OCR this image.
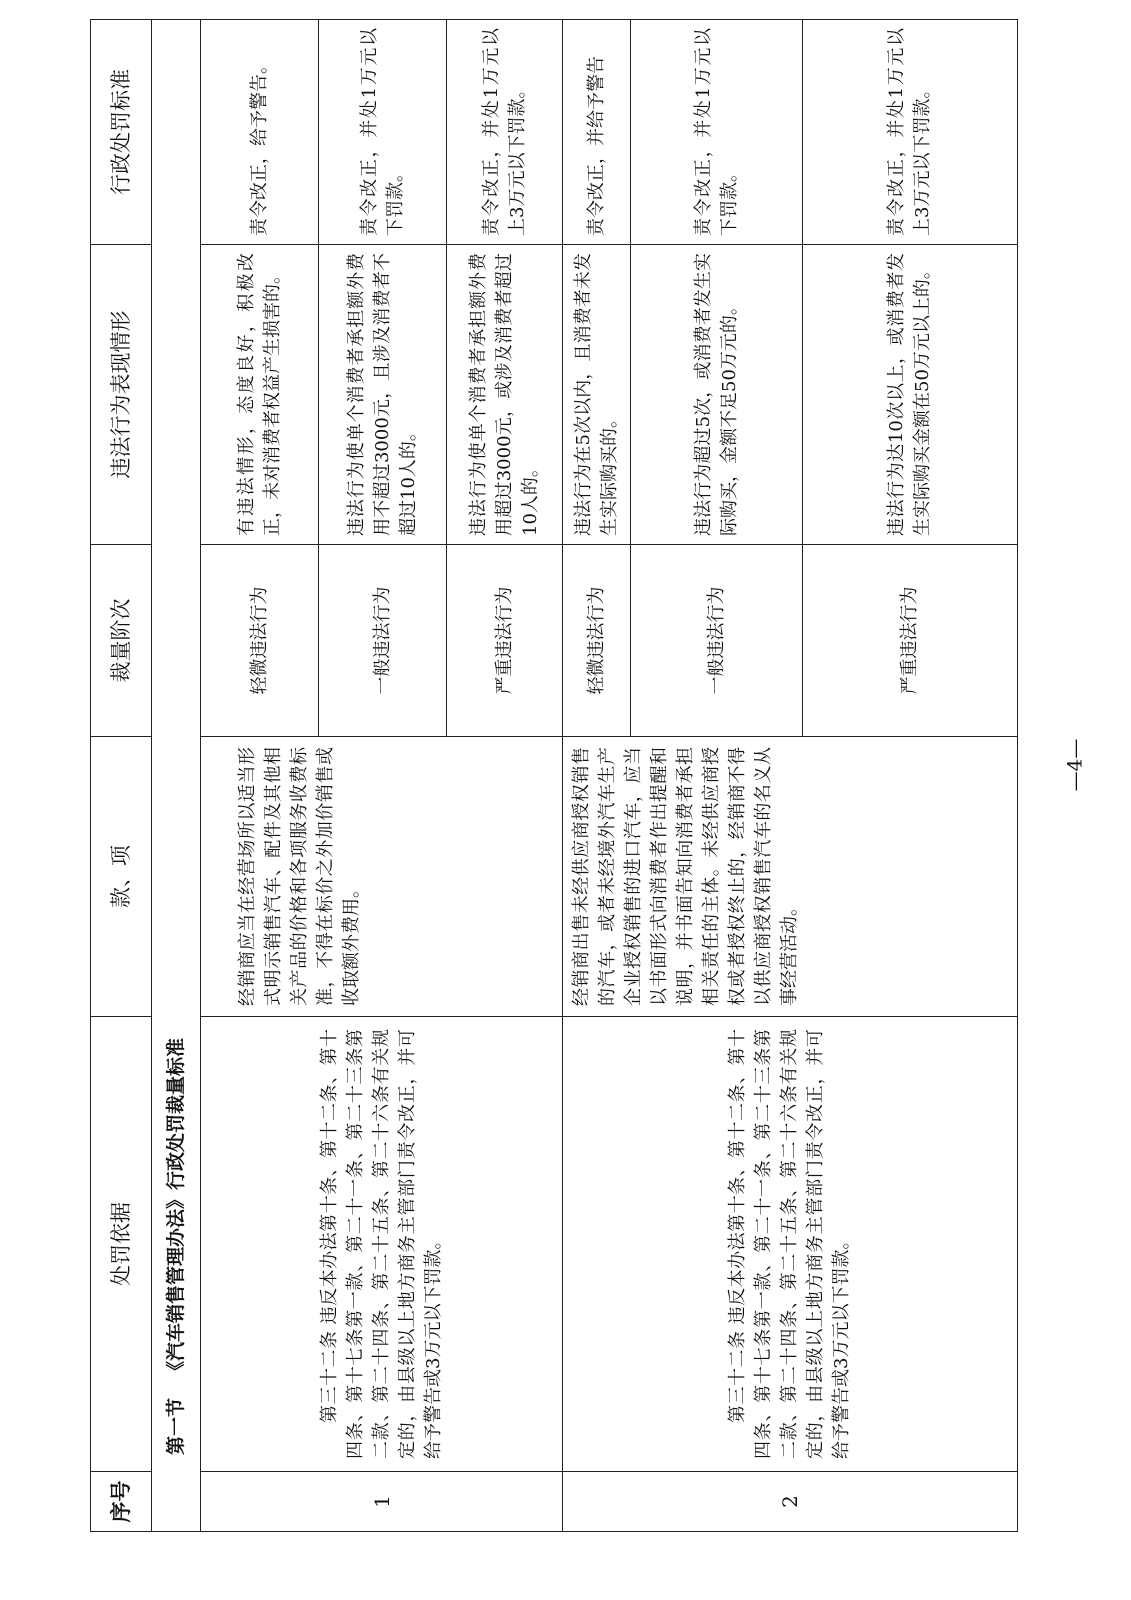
序号	处罚依据	款、项	裁量阶次	违法行为表现情形	行政处罚标准
第一节《汽车销售管理办法》行政处罚裁量标准					
1	第三十二条 违反本办法第十条、第十二条、第十四条、第十七条第一款、第二十一条、第二十三条第二款、第二十四条、第二十五条、第二十六条有关规定的，由县级以上地方商务主管部门责令改正，并可给予警告或3万元以下罚款。	经销商应当在经营场所以适当形式明示销售汽车、配件及其他相关产品的价格和各项服务收费标准，不得在标价之外加价销售或收取额外费用。	轻微违法行为	有违法情形，态度良好，积极改正，未对消费者权益产生损害的。	责令改正，给予警告。
			一般违法行为	违法行为使单个消费者承担额外费用不超过3000元，且涉及消费者不超过10人的。	责令改正，并处1万元以下罚款。
			严重违法行为	违法行为使单个消费者承担额外费用超过3000元，或涉及消费者超过10人的。	责令改正，并处1万元以上3万元以下罚款。
2	第三十二条 违反本办法第十条、第十二条、第十四条、第十七条第一款、第二十一条、第二十三条第二款、第二十四条、第二十五条、第二十六条有关规定的，由县级以上地方商务主管部门责令改正，并可给予警告或3万元以下罚款。	经销商出售未经供应商授权销售的汽车，或者未经境外汽车生产企业授权销售的进口汽车，应当以书面形式向消费者作出提醒和说明，并书面告知向消费者承担相关责任的主体。未经供应商授权或者授权终止的，经销商不得以供应商授权销售汽车的名义从事经营活动。	轻微违法行为	违法行为在5次以内，且消费者未发生实际购买的。	责令改正，并给予警告
			一般违法行为	违法行为超过5次，或消费者发生实际购买，金额不足50万元的。	责令改正，并处1万元以下罚款。
			严重违法行为	违法行为达10次以上，或消费者发生实际购买金额在50万元以上的。	责令改正，并处1万元以上3万元以下罚款。
—4—
